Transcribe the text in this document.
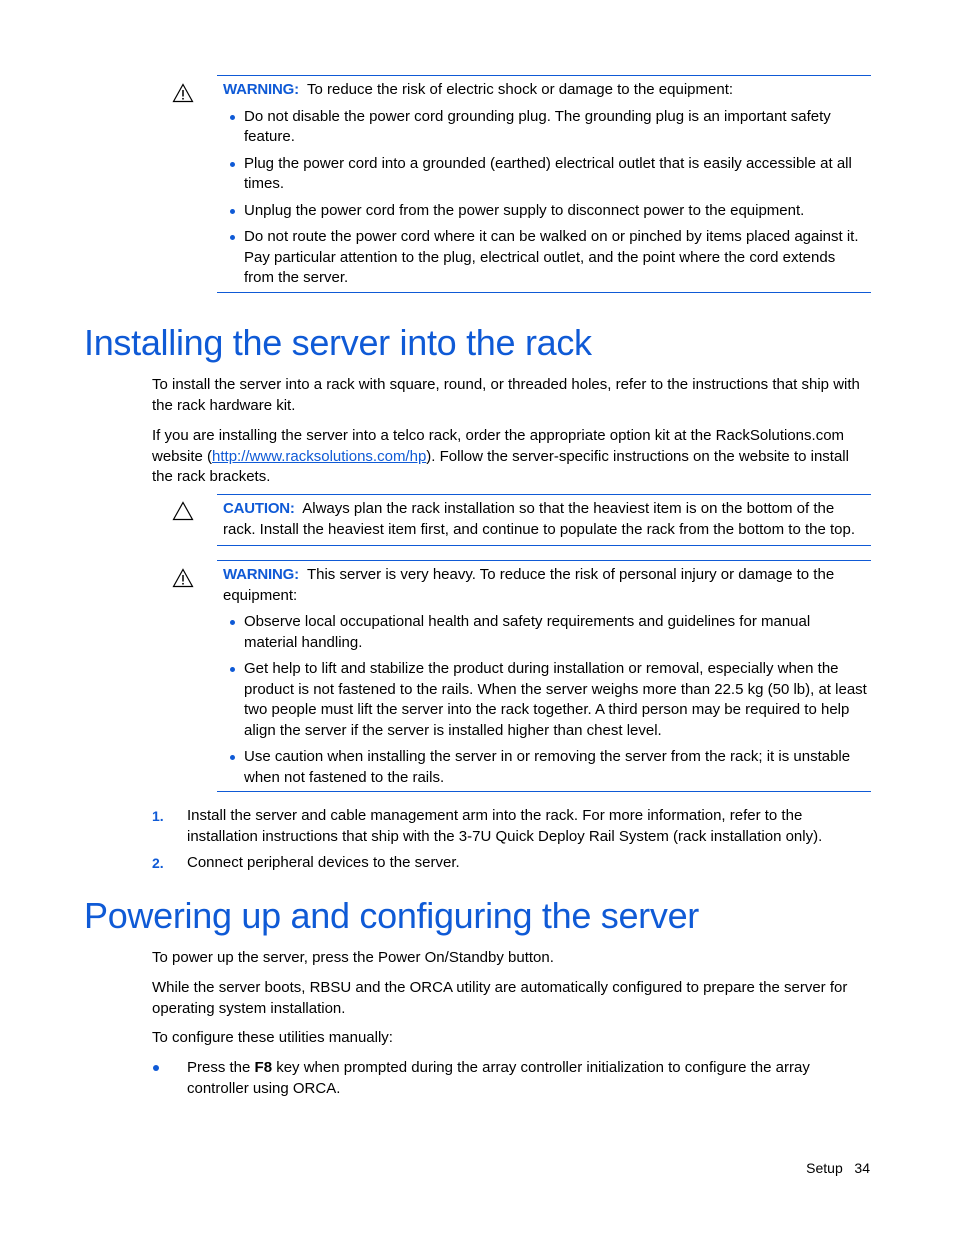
WARNING: To reduce the risk of electric shock or damage to the equipment:

Do not disable the power cord grounding plug. The grounding plug is an important safety feature.
Plug the power cord into a grounded (earthed) electrical outlet that is easily accessible at all times.
Unplug the power cord from the power supply to disconnect power to the equipment.
Do not route the power cord where it can be walked on or pinched by items placed against it. Pay particular attention to the plug, electrical outlet, and the point where the cord extends from the server.
Installing the server into the rack

To install the server into a rack with square, round, or threaded holes, refer to the instructions that ship with the rack hardware kit.

If you are installing the server into a telco rack, order the appropriate option kit at the RackSolutions.com website (http://www.racksolutions.com/hp). Follow the server-specific instructions on the website to install the rack brackets.

CAUTION: Always plan the rack installation so that the heaviest item is on the bottom of the rack. Install the heaviest item first, and continue to populate the rack from the bottom to the top.

WARNING: This server is very heavy. To reduce the risk of personal injury or damage to the equipment:

Observe local occupational health and safety requirements and guidelines for manual material handling.
Get help to lift and stabilize the product during installation or removal, especially when the product is not fastened to the rails. When the server weighs more than 22.5 kg (50 lb), at least two people must lift the server into the rack together. A third person may be required to help align the server if the server is installed higher than chest level.
Use caution when installing the server in or removing the server from the rack; it is unstable when not fastened to the rails.
1. Install the server and cable management arm into the rack. For more information, refer to the installation instructions that ship with the 3-7U Quick Deploy Rail System (rack installation only).
2. Connect peripheral devices to the server.
Powering up and configuring the server

To power up the server, press the Power On/Standby button.

While the server boots, RBSU and the ORCA utility are automatically configured to prepare the server for operating system installation.

To configure these utilities manually:

Press the F8 key when prompted during the array controller initialization to configure the array controller using ORCA.
Setup 34
